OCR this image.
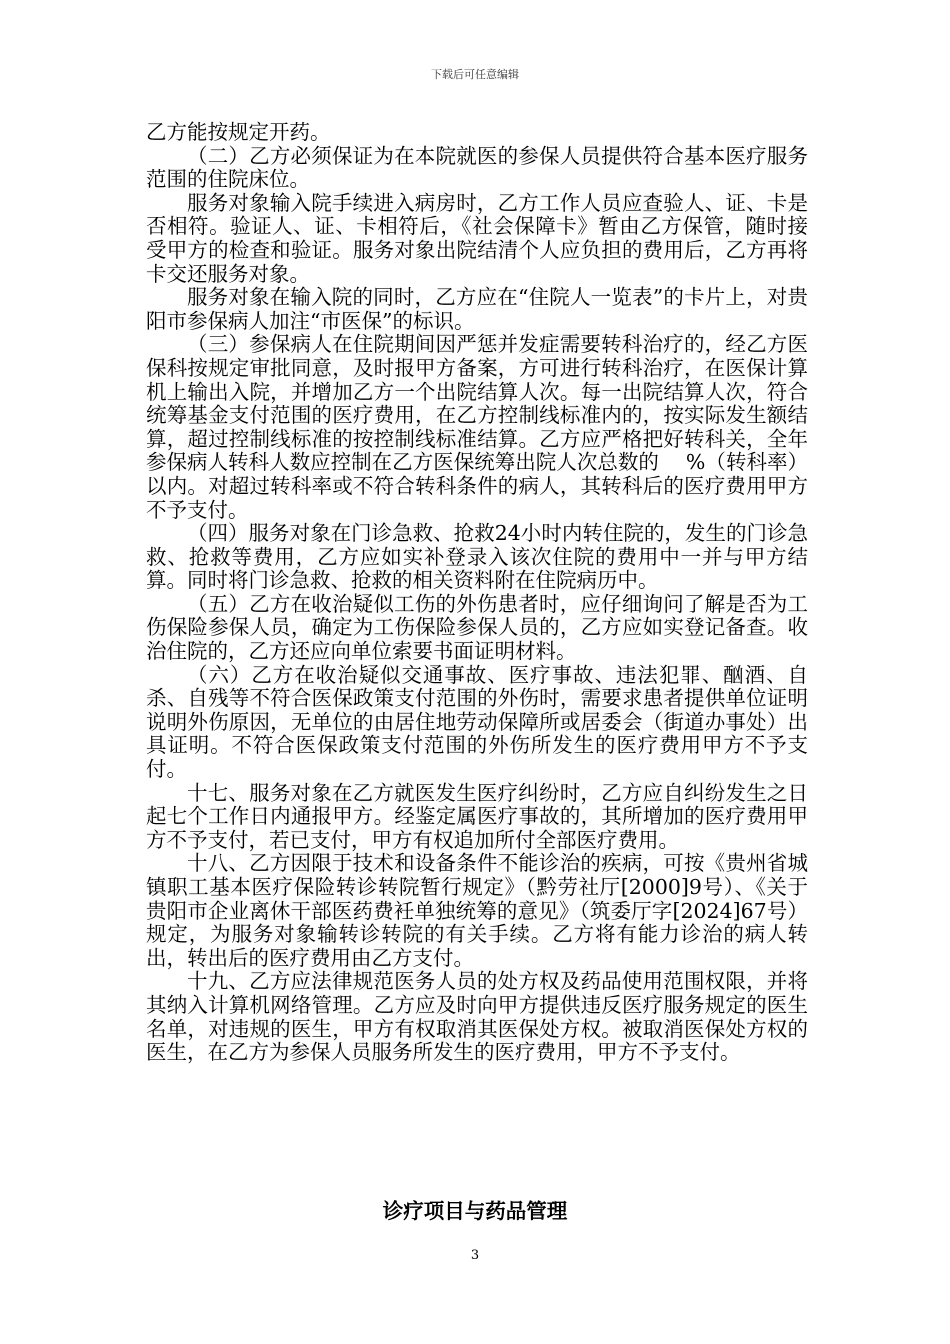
下载后可任意编辑

乙方能按规定开药。

（二）乙方必须保证为在本院就医的参保人员提供符合基本医疗服务范围的住院床位。

服务对象输入院手续进入病房时，乙方工作人员应查验人、证、卡是否相符。验证人、证、卡相符后，《社会保障卡》暂由乙方保管，随时接受甲方的检查和验证。服务对象出院结清个人应负担的费用后，乙方再将卡交还服务对象。

服务对象在输入院的同时，乙方应在“住院人一览表”的卡片上，对贵阳市参保病人加注“市医保”的标识。

（三）参保病人在住院期间因严惩并发症需要转科治疗的，经乙方医保科按规定审批同意，及时报甲方备案，方可进行转科治疗，在医保计算机上输出入院，并增加乙方一个出院结算人次。每一出院结算人次，符合统筹基金支付范围的医疗费用，在乙方控制线标准内的，按实际发生额结算，超过控制线标准的按控制线标准结算。乙方应严格把好转科关，全年参保病人转科人数应控制在乙方医保统筹出院人次总数的　 %（转科率）以内。对超过转科率或不符合转科条件的病人，其转科后的医疗费用甲方不予支付。

（四）服务对象在门诊急救、抢救24小时内转住院的，发生的门诊急救、抢救等费用，乙方应如实补登录入该次住院的费用中一并与甲方结算。同时将门诊急救、抢救的相关资料附在住院病历中。

（五）乙方在收治疑似工伤的外伤患者时，应仔细询问了解是否为工伤保险参保人员，确定为工伤保险参保人员的，乙方应如实登记备查。收治住院的，乙方还应向单位索要书面证明材料。

（六）乙方在收治疑似交通事故、医疗事故、违法犯罪、酗酒、自杀、自残等不符合医保政策支付范围的外伤时，需要求患者提供单位证明说明外伤原因，无单位的由居住地劳动保障所或居委会（街道办事处）出具证明。不符合医保政策支付范围的外伤所发生的医疗费用甲方不予支付。

十七、服务对象在乙方就医发生医疗纠纷时，乙方应自纠纷发生之日起七个工作日内通报甲方。经鉴定属医疗事故的，其所增加的医疗费用甲方不予支付，若已支付，甲方有权追加所付全部医疗费用。

十八、乙方因限于技术和设备条件不能诊治的疾病，可按《贵州省城镇职工基本医疗保险转诊转院暂行规定》（黔劳社厅[2000]9号）、《关于贵阳市企业离休干部医药费衽单独统筹的意见》（筑委厅字[2024]67号）规定，为服务对象输转诊转院的有关手续。乙方将有能力诊治的病人转出，转出后的医疗费用由乙方支付。

十九、乙方应法律规范医务人员的处方权及药品使用范围权限，并将其纳入计算机网络管理。乙方应及时向甲方提供违反医疗服务规定的医生名单，对违规的医生，甲方有权取消其医保处方权。被取消医保处方权的医生，在乙方为参保人员服务所发生的医疗费用，甲方不予支付。

诊疗项目与药品管理
3
